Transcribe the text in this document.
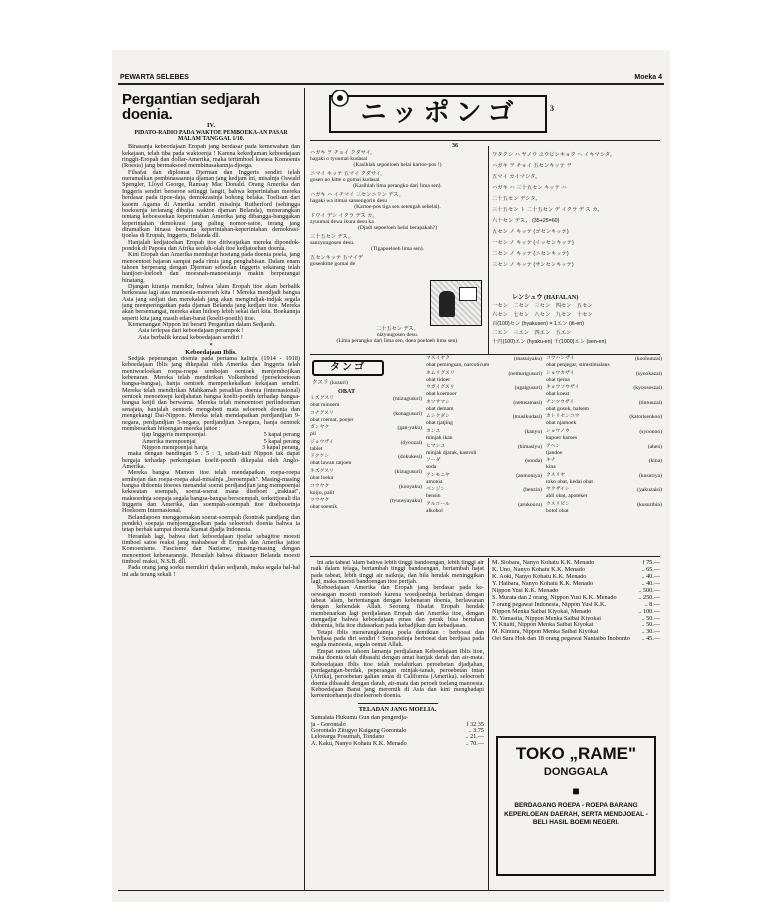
PEWARTA SELEBES	Moeka 4
Pergantian sedjarah doenia.
IV.
PIDATO-RADIO PADA WAKTOE PEMBOEKA-AN PASAR MALAM TANGGAL 1/10.

Binasanja kebeodajaan Eropah jang berdasar pada kemewahan dan kekajaan, telah tiba pada waktoenja ! Karena kekedjaman keboedajaan ringgit-Eropah dan dollar-Amerika, maka tertimboel koeasa Komoenis (Roesia) jang bermaksoed membinasakannja djoega.

Filsafat dan diplomat Djerman dan Inggeris sendiri telah meramalkan pembinasaannja djaman jang kedjam ini, misalnja Oswald Spengler, Lloyd George, Ramsay Mac Donald. Orang Amerika dan Inggeris sendiri berseroe setinggi langit, bahwa keperintahan mereka berdasar pada tipoe-daja, demokrasinja bohong belaka. Toelisan dari kaoem Agama di Amerika sendiri misalnja Rutherford (sehingga boekoenja terlarang dibatja waktoe djaman Belanda), menerangkan tentang keboesoekan keperintahan Amerika jang dibangga-banggakan keperintahan demokrasi jang paling nomor-satoe, terang jang diramalkan binasa bersama keperintahan-keperintahan demokrasi-tjoelas di Eropah, Inggeris, Belanda dll.

Hanjalah kedjatoehan Eropah itoe diriwajatkan mereka dipondok-pondok di Papoea dan Afrika seolah-olah itoe kedjatoehan doenia.

Kini Eropah dan Amerika membajar hoetang pada doenia poela, jang menoentoet bajaran sampai pada rimis jang penghabisan. Dalam enam tahoen berperang dengan Djerman seboelan Inggeris sekarang telah hantjoer-loeloeh dan moesnah-manoesianja makin berperangai binatang.

Djangan kiranja memikir, bahwa 'alam Eropah itoe akan berbalik berkoeasa lagi atas manoesia-moeroeh kita ! Mereka mendjadi bangsa Asia jang sedjati dan merekalah jang akan mengindjak-indjak segala jang memperingatkan pada djaman Belanda jang kedjam itoe. Mereka akan bersemangat, mereka akan hidoep lebih sekat dari kita. Boekannja seperti kita jang masih edan-barat (koelit-poetih) itoe.

Kemenangan Nippon ini berarti Pergantian dalam Sedjarah.

Asia terlepas dari keboedajaan perampok !
Asia berbalik kezaal keboedajaan sendiri !
*
Keboedajaan Iblis.

Sedjak peperangan doenia pada pertama kalinja (1914 - 1918) keboedajaan Iblis jang dikepalai oleh Amerika dan Inggeris telah meniwoeloekan roepa-roepa sembojan oentoek menjembojikan kebenaran. Mereka telah mendirikan Volkenbond (persekoetoean bangsa-bangsa), hanja oentoek memperkekalkan kekajaan sendiri. Mereka telah mendirikan Mahkamah peradilan doenia (internasional) oentoek menoetoepi kedjahatan bangsa koelit-poetih terhadap bangsa-bangsa ketjil dan berwarna. Mereka telah menoentoet perlindoeman senajata, hanjalah oentoek mengoboti mata seloeroeh doenia dan mengekangi Dai-Nippon. Mereka telah mendapatkan perdjandjian 9-negara, perdjandjian 5-negara, perdjandjian 3-negara, hanja oentoek membesarkan hitoengan mereka jaitoe :

tjap Inggeris mempoenjai	5 kapal perang
Amerika mempoenjai	5 kapal perang
Nippon mempoenjai hanja	3 kapal perang,

maka dengan bandingan 5 : 5 : 3, sekali-kali Nippon tak dapat bergaja terhadap perkongsian koelit-poetih dikepalai oleh Anglo-Amerika.

Mereka bangsa Mamon itoe telah mendapatkan roepa-roepa sembojan dan roepa-roepa akal-misalnja „beroempah". Masing-masing bangsa didoenia itoeoes menandai soerat perdjandjian jang mempoenjai kekoeatan soempah, soerat-soerat mana diseboet „traktaat", maksoednja soepaja segala bangsa-bangsa bersoempah, terkeitjoeali dia Inggeris dan Amerika, dan soempah-soempah itoe disebooetnja Hoekoem Internasional.

Belandapoen menggoenakan soerat-soempah (kontrak pandjang dan pendek) soepaja menjoenggoelkan pada seloeroeh doenia bahwa ia tetap berhak sampai doenia kiamat djadja Indonesia.

Heranlah lagi, bahwa dari keboedajaan tjoelar sebagitoe moesti timboel satoe reaksi jang mahabesar di Eropah dan Amerika jaitoe Komoenisme. Fascisme dan Nazisme, masing-masing dengan menoentoet kebenarannja. Heranlah bahwa diktaator Belanda moesti timboel reaksi, N.S.B. dll.

Pada orang jang soeka memikiri djalan sedjarah, maka segala hal-hal ini ada terang sekali !

ニッポンゴ	3
36
ハガキ ヲ チョイ クダサイ。
hagaki o tyuumai kudasai
(Kasihlah sepoeloeh helai kartoe-pos !)
ニマイ キッテ 五マイ クダサイ。
gosen no kitte o gomai kudasai
(Kasihlah lima perangko dari lima sen).
ハガキ ハ イチマイ 三センニリン デス。
hagaki wa itimai sansengorin desu
(Kartoe-pos tiga sen setengah sehelai).
ドウイ デシ イクラ デス カ。
zyuumai dewa ikura desu ka
(Djadi sepoeloeh helai berapakah?)
三十五セン デス。
sanzyuugosen desu.
(Tigapoeloeh lima sen).
五センキッテ 五マイデ
gosenkitte gomai de
二十五セン デス。
nizyuugosen desu.
(Lima perangko dari lima sen, doea poeloeh lima sen).
ワタクシ ハ ヤノウ ユウビンキョク ヘ イキマシタ。
ハガキ ヲ チョイ 五センキッテ ヲ
五マイ カイマシタ。
ハガキ ハ 三十五セン キッテ ハ
二十五セン デシタ。
三十五セン ト 二十五セン デ イクラ デ ス カ。
六十セン デス。 (35+25=60)
五セン ノ キッテ (ゴセンキッテ)
一セン ノ キッテ (イッセンキッテ)
二セン ノ キッテ (ニセンキッテ)
三セン ノ キッテ (サンセンキッテ)
レンシュウ (HAFALAN)
一セン　二セン　三セン　四セン　五セン
六セン　七セン　八セン　九セン　十セン
百(100)セン (hyakusen) = 1エン (iti-en)
二エン　三エン　四エン　五エン
十円(100)エン (hyaku-en) 千(1000)エン (sen-en)
タンゴ
クスリ (kusuri)
OBAT
ミズグスリ	(mizugusuri)
obat minoem
コナグスリ	(konagusuri)
obat roemat, poejer
ガンヤク	(gan-yaku)
pil
ジョウザイ	(dyoozai)
tablet
ドクケシ	(dokukesi)
obat lawan ratjoen
キズグスリ	(kizugusuri)
obat loeka
コウヤク	(kooyaku)
koijo, palit
ツウヤク	(tyuusyayaku)
obat soentik
マスイヤク	(masuiyaku)
obat pemingsan, narcoticum
ネムリグスリ	(nemurigusuri)
obat tidoer
ウガイグスリ	(ugaigusuri)
obat koemoer
ネツサマシ	(netusamasi)
obat demam
ムシクダシ	(musikudasi)
obat tjatjing
カンユ	(kanyu)
minjak ikan
ヒマシユ	(himasiyu)
minjak djarak, kastroli
ソーダ	(sooda)
soda
アンモニヤ	(anmoniya)
amonia
ベンジン	(benzin)
bensin
アルコール	(arukooru)
alkohol
コウハンザイ	(koohunzai)
obat penjegar, stimstimalans
ショウカザイ	(syookazai)
obat tjerna
キョウソウザイ	(kyoososzai)
obat koeat
チンツウザイ	(tintuuzai)
obat gosok, balsem
カトリセンコウ	(katorisenkoo)
obat njamoek
ショウノウ	(syoonoo)
kapoer baroes
アヘン	(ahen)
tjandoe
キナ	(kina)
kina
クスリヤ	(kusuriya)
toko obat, kedai obat
ヤクザイシ	(yakuzaisi)
ahli obat, apoteker
クスリビン	(kusuribin)
botol obat

lni ada tabeat 'alam bahwa lebih tinggi bandoengan, lebih tinggi air naik dalam telaga, bertambah tinggi bandoengan, bertambah hajat pada tabeat, lebih tinggi air naiknja, dan bila hendak meninggikan lagi, maka moesti bandoengan itoe pertjah.

Keboedajaan Amerika dan Eropah jang berdasar pada ke-oewangan moesti roentoeh karena woedjoednja berlainan dengan tabeat 'alam, bertentangan dengan kebenaran doenia, berlawanan dengan kehendak Allah. Seorang filsafat Eropah hendak membenarkan lagi perdjalanan Eropah dan Amerika itoe, dengan mengadjar bahwa keboedajaan emas dan perak bisa bertahan didoenia, bila itoe didasarkan pada kebadjikan dan kebadjasan.

Tetapi Iblis menerangkannja poela demikian : berboeat dan berdjasa pada diri sendiri ! Semoestinja berboeat dan berdjasa pada segala manoesia, segala oemat Allah.

Empat ratoes tahoen lamanja perdjalanan Keboedajaan Iblis itoe, maka doenia telah dibasahi dengan amat banjak darah dan air-mata. Keboedajaan Iblis itoe telah melahirkan peroebetan djadjahan, perdagangan-berdak, peperangan minjak-tanah, peroebetan intan (Afrika), peroebetan galian emas di California (Amerika). seloeroeh doenia dibasahi dengan darah, air-mata dan peroeh toelang manoesia. Keboedajaan Barat jang meremik di Asia dan kini menghadapi keroentoehannja diseloeroeh doenia.

TELADAN JANG MOELIA.
Sumalata Hukumu Gun dan pengerdja-
ja - Gorontalo	f 32.35
Gorontalo Zitugyo Kaigang Gorontalo	.. 3.75
Leloearga Posumah, Tondano	.. 21.—
A. Kaku, Nanyo Kohatu K.K. Menado	.. 70.—
M. Siobara, Nanyo Kohatu K.K. Menado	f 75.—
K. Uno, Nanyo Kohatu K.K. Menado	.. 65.—
K. Aoki, Nanyo Kohatu K.K. Menado	.. 40.—
Y. Haibara, Nanyo Kohatu K.K. Menado	.. 40.—
Nippon Yusi K.K. Menado	.. 500.—
S. Murata dan 2 orang, Nippon Yusi K.K. Menado	.. 250.—
7 orang pegawai Indonesia, Nippon Yusi K.K.	.. 8.—
Nippon Menka Saibai Kiyokai, Menado	.. 100.—
K. Yamasita, Nippon Menka Saibai Kiyokai	.. 50.—
Y. Kitaiti, Nippon Menka Saibai Kiyokai	.. 50.—
M. Kimura, Nippon Menka Saibai Kiyokai	.. 30.—
Oei Sara Hok dan 18 orang pegawai Nantaibo Inobonto	.. 45.—
TOKO „RAME"
DONGGALA
■
BERDAGANG ROEPA - ROEPA BARANG
KEPERLOEAN DAERAH, SERTA MENDJOEAL - BELI HASIL BOEMI NEGERI.
